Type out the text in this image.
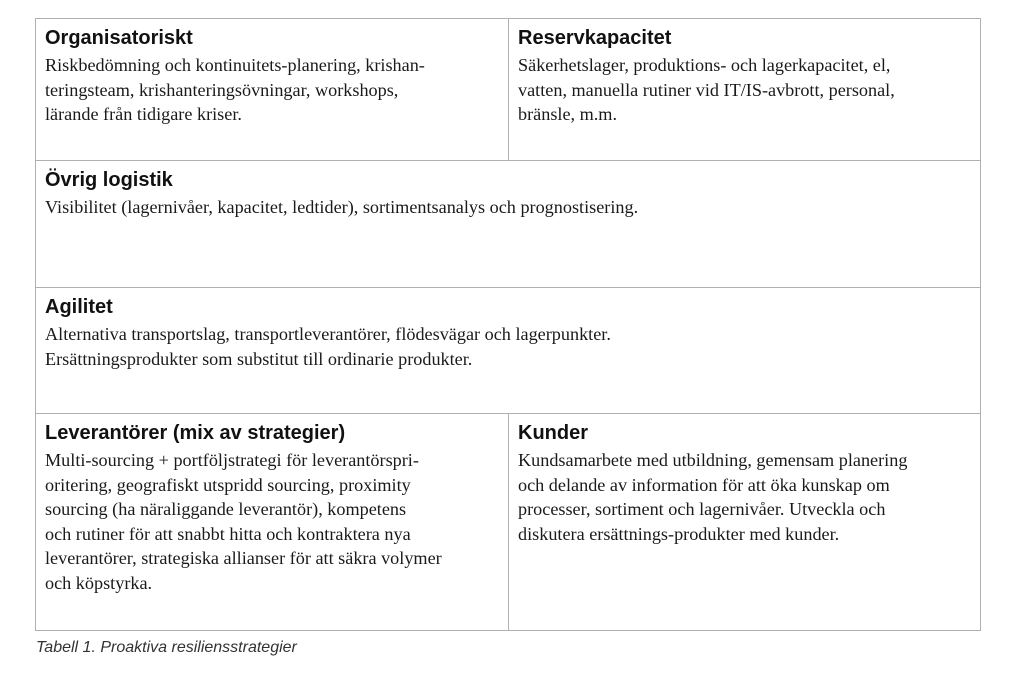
Organisatoriskt

Riskbedömning och kontinuitets-planering, krishan-
teringsteam, krishanteringsövningar, workshops,
lärande från tidigare kriser.

Reservkapacitet

Säkerhetslager, produktions- och lagerkapacitet, el,
vatten, manuella rutiner vid IT/IS-avbrott, personal,
bränsle, m.m.

Övrig logistik

Visibilitet (lagernivåer, kapacitet, ledtider), sortimentsanalys och prognostisering.

Agilitet

Alternativa transportslag, transportleverantörer, flödesvägar och lagerpunkter.
Ersättningsprodukter som substitut till ordinarie produkter.

Leverantörer (mix av strategier)

Multi-sourcing + portföljstrategi för leverantörspri-
oritering, geografiskt utspridd sourcing, proximity
sourcing (ha näraliggande leverantör), kompetens
och rutiner för att snabbt hitta och kontraktera nya
leverantörer, strategiska allianser för att säkra volymer
och köpstyrka.

Kunder

Kundsamarbete med utbildning, gemensam planering
och delande av information för att öka kunskap om
processer, sortiment och lagernivåer. Utveckla och
diskutera ersättnings-produkter med kunder.

Tabell 1. Proaktiva resiliensstrategier
